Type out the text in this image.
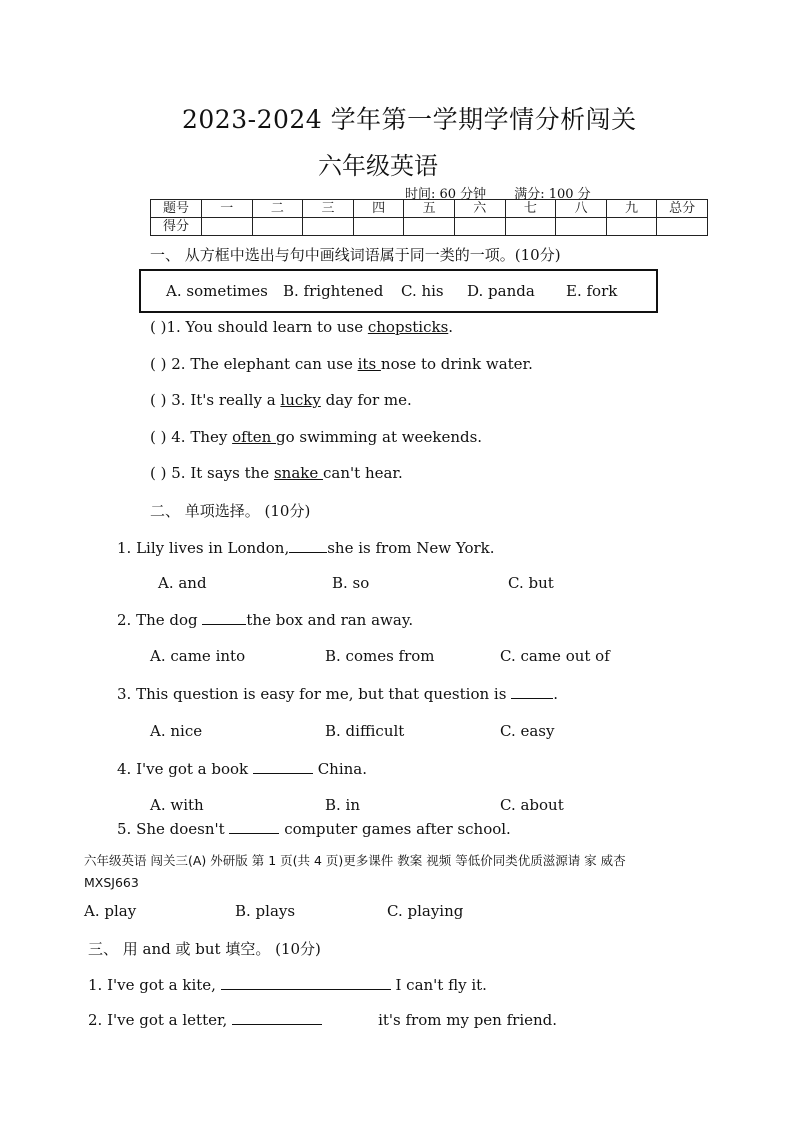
2023-2024 学年第一学期学情分析闯关
六年级英语
时间: 60 分钟 满分: 100 分
题号	一	二	三	四	五	六	七	八	九	总分
得分										
一、 从方框中选出与句中画线词语属于同一类的一项。(10分)
A. sometimes B. frightened C. his D. panda E. fork
( )1. You should learn to use chopsticks.
( ) 2. The elephant can use its nose to drink water.
( ) 3. It's really a lucky day for me.
( ) 4. They often go swimming at weekends.
( ) 5. It says the snake can't hear.
二、 单项选择。 (10分)
1. Lily lives in London,	she is from New York.
A. and	B. so	C. but
2. The dog	the box and ran away.
A. came into	B. comes from	C. came out of
3. This question is easy for me, but that question is	.
A. nice	B. difficult	C. easy
4. I've got a book	China.
A. with	B. in	C. about
5. She doesn't	computer games after school.
六年级英语 闯关三(A) 外研版 第 1 页(共 4 页)更多课件 教案 视频 等低价同类优质滋源请 家 威杏
MXSJ663
A. play	B. plays	C. playing
三、 用 and 或 but 填空。 (10分)
1. I've got a kite,	I can't fly it.
2. I've got a letter,	it's from my pen friend.
